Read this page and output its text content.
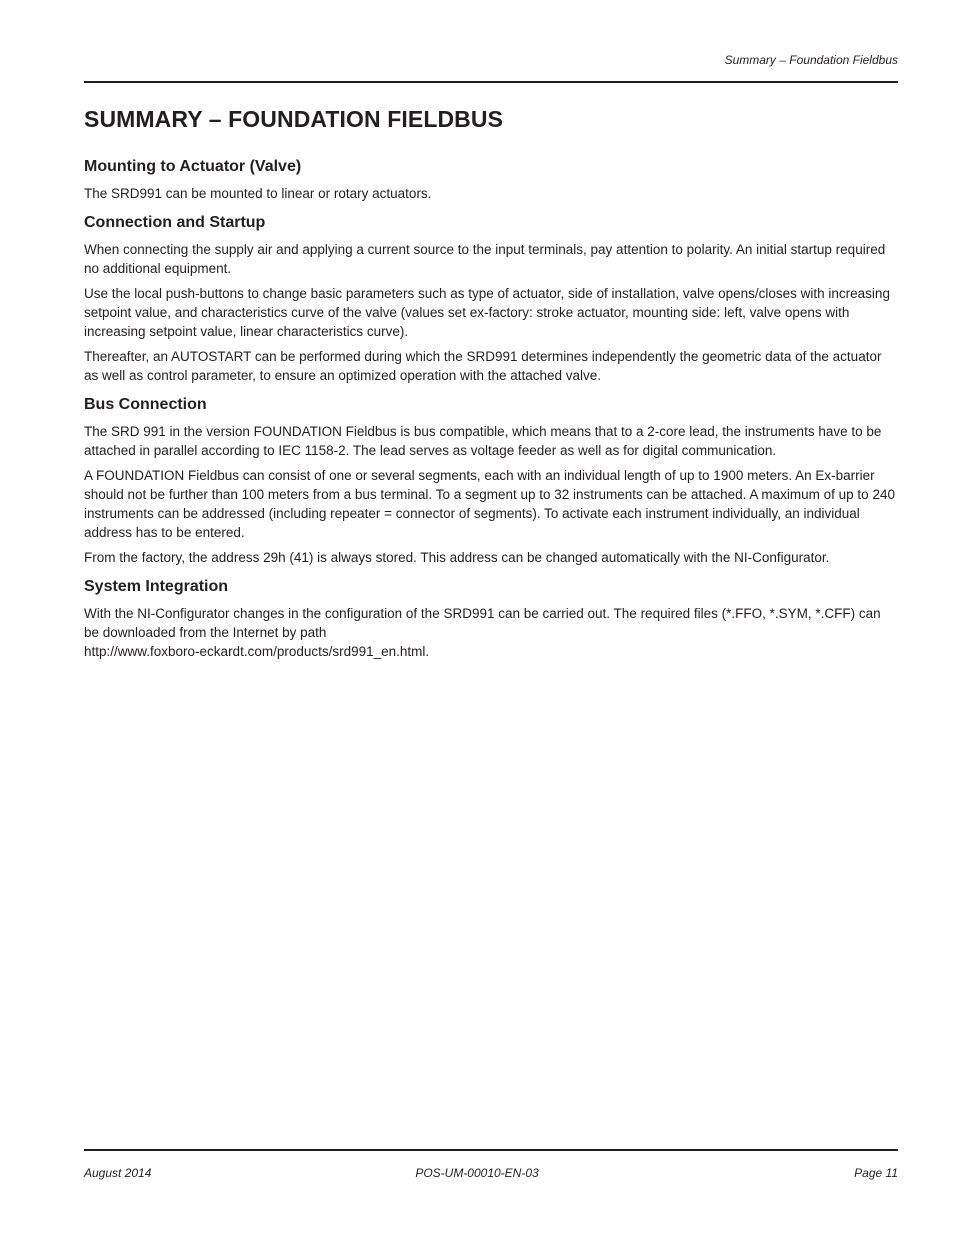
Summary – Foundation Fieldbus
SUMMARY – FOUNDATION FIELDBUS
Mounting to Actuator (Valve)

The SRD991 can be mounted to linear or rotary actuators.

Connection and Startup

When connecting the supply air and applying a current source to the input terminals, pay attention to polarity. An initial startup required no additional equipment.

Use the local push-buttons to change basic parameters such as type of actuator, side of installation, valve opens/closes with increasing setpoint value, and characteristics curve of the valve (values set ex-factory: stroke actuator, mounting side: left, valve opens with increasing setpoint value, linear characteristics curve).

Thereafter, an AUTOSTART can be performed during which the SRD991 determines independently the geometric data of the actuator as well as control parameter, to ensure an optimized operation with the attached valve.

Bus Connection

The SRD 991 in the version FOUNDATION Fieldbus is bus compatible, which means that to a 2-core lead, the instruments have to be attached in parallel according to IEC 1158-2. The lead serves as voltage feeder as well as for digital communication.

A FOUNDATION Fieldbus can consist of one or several segments, each with an individual length of up to 1900 meters. An Ex-barrier should not be further than 100 meters from a bus terminal. To a segment up to 32 instruments can be attached. A maximum of up to 240 instruments can be addressed (including repeater = connector of segments). To activate each instrument individually, an individual address has to be entered.

From the factory, the address 29h (41) is always stored. This address can be changed automatically with the NI-Configurator.

System Integration

With the NI-Configurator changes in the configuration of the SRD991 can be carried out. The required files (*.FFO, *.SYM, *.CFF) can be downloaded from the Internet by path

http://www.foxboro-eckardt.com/products/srd991_en.html.

August 2014	POS-UM-00010-EN-03	Page 11
